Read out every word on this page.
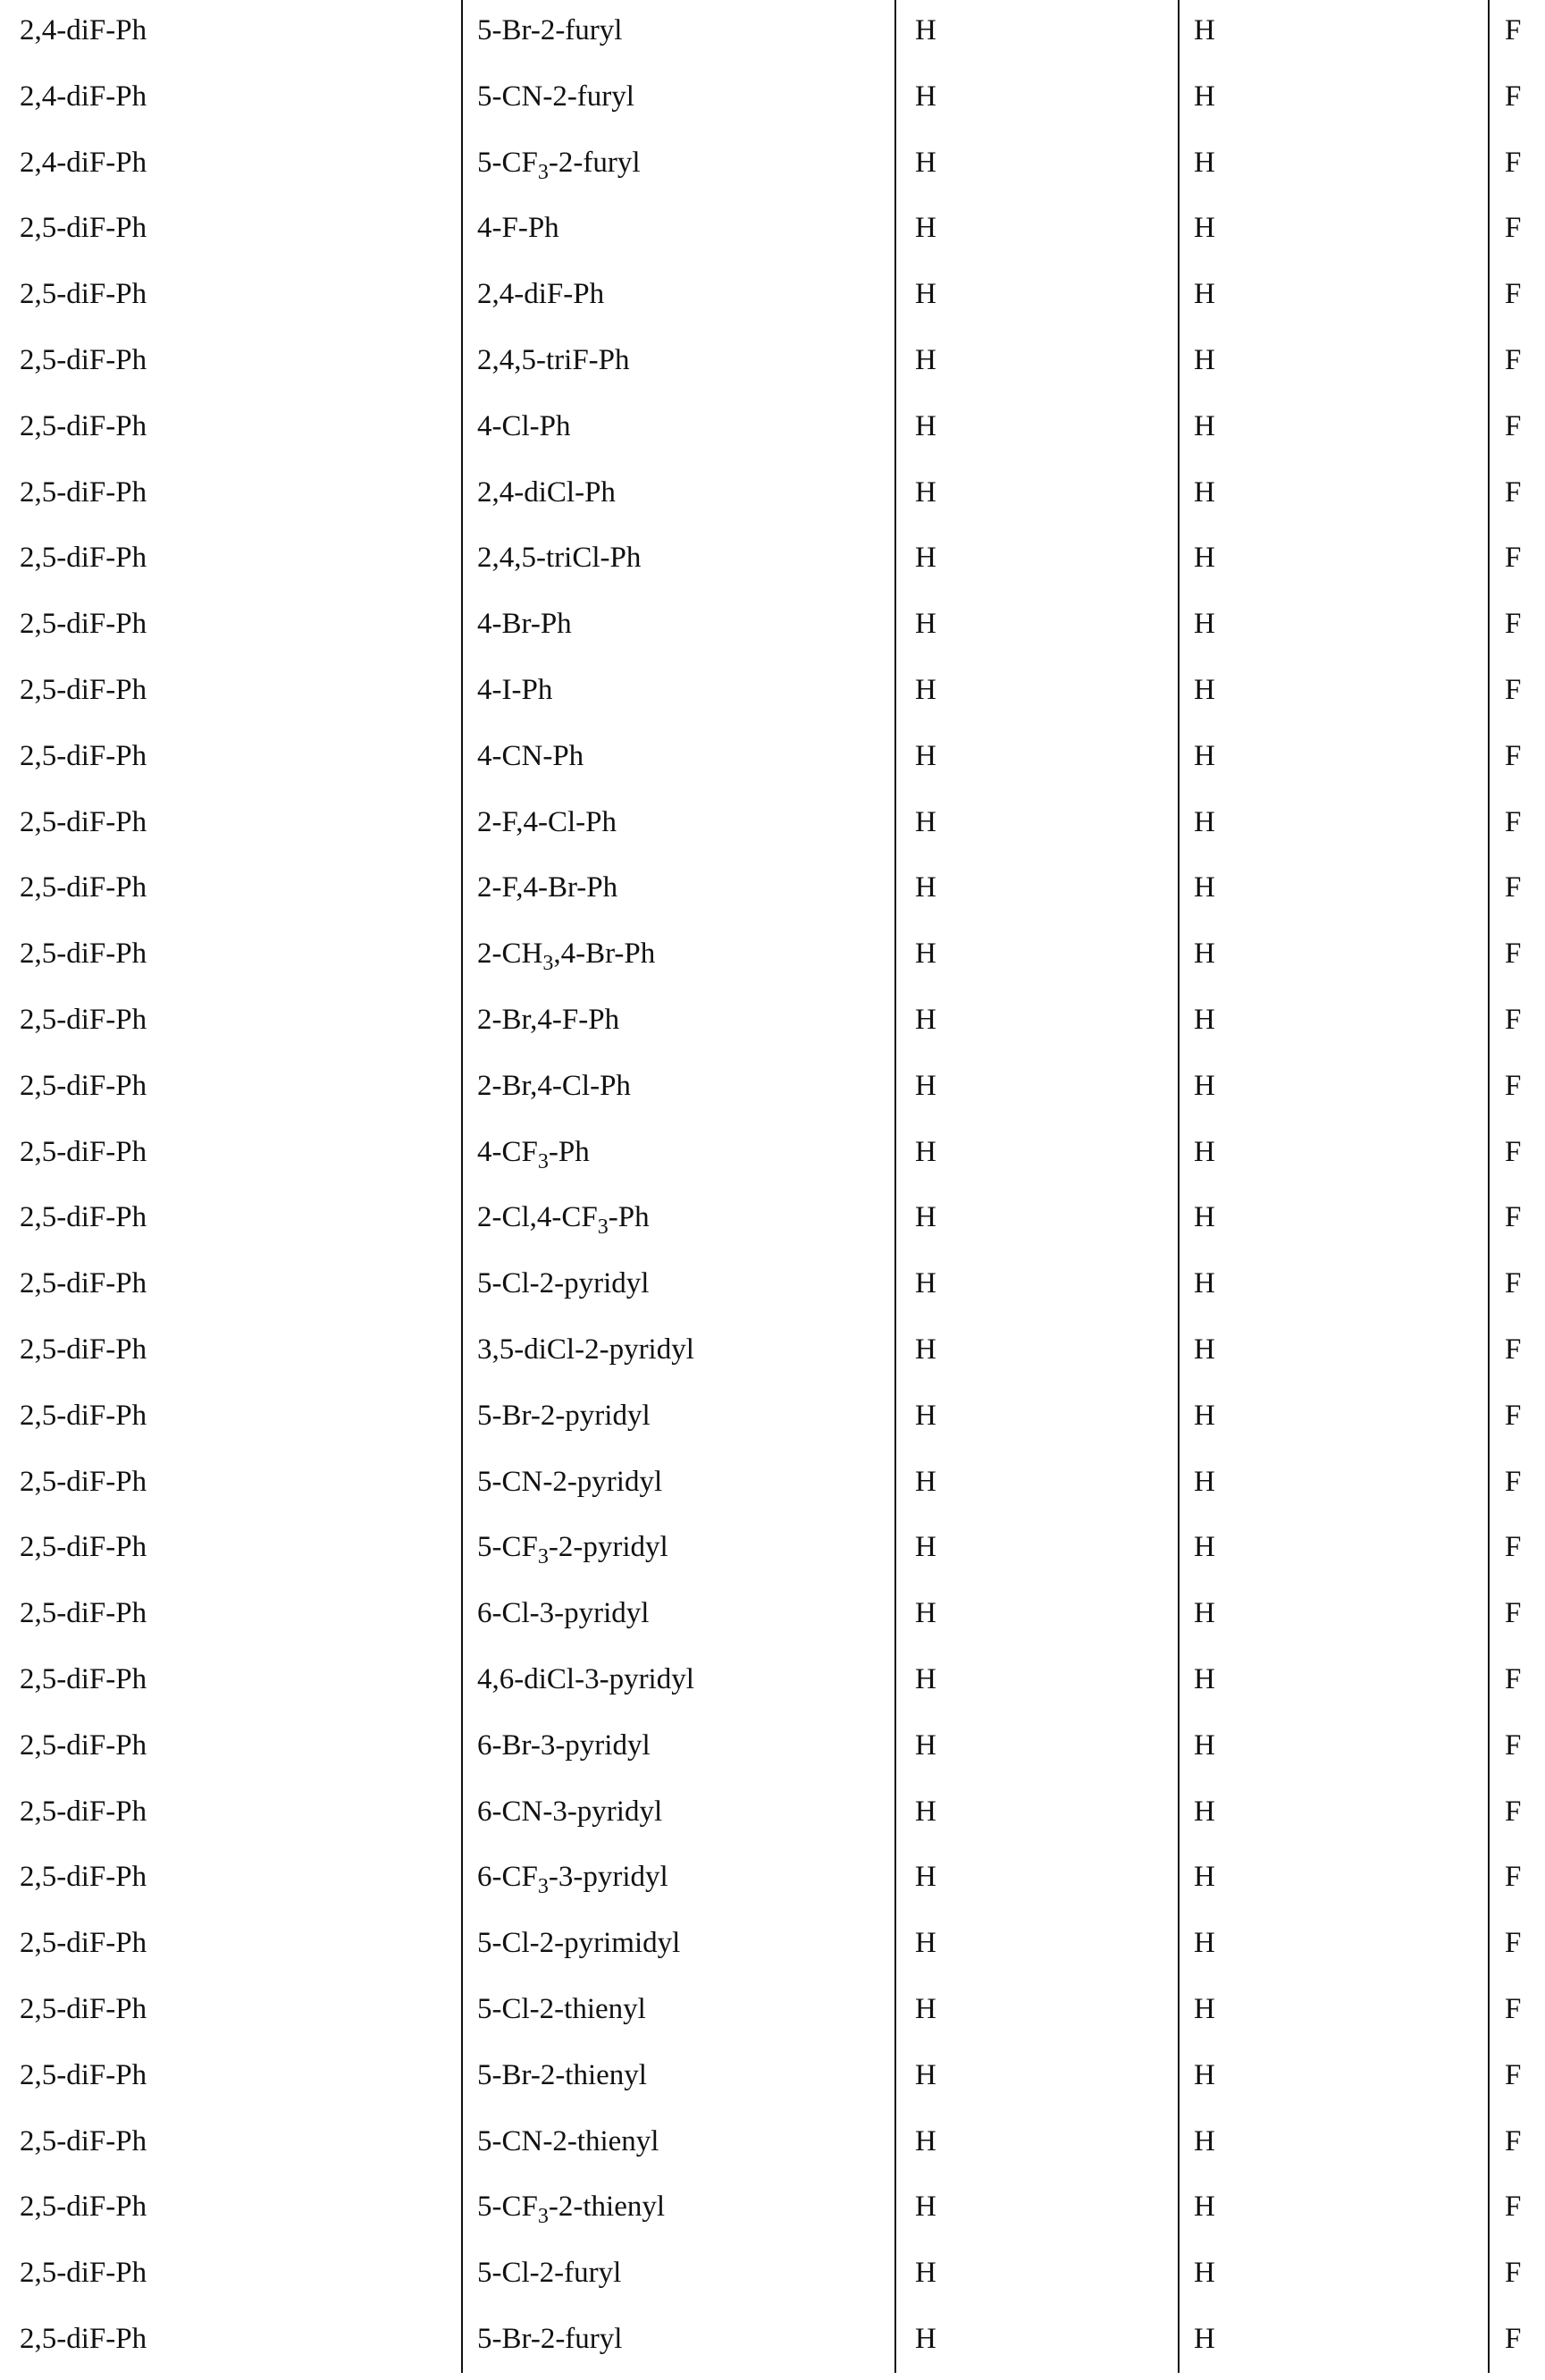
2,4-diF-Ph	5-Br-2-furyl	H	H	F
2,4-diF-Ph	5-CN-2-furyl	H	H	F
2,4-diF-Ph	$5-CF_3-2$-furyl	H	H	F
2,5-diF-Ph	4-F-Ph	H	H	F
2,5-diF-Ph	2,4-diF-Ph	H	H	F
2,5-diF-Ph	2,4,5-triF-Ph	H	H	F
2,5-diF-Ph	4-Cl-Ph	H	H	F
2,5-diF-Ph	2,4-diCl-Ph	H	H	F
2,5-diF-Ph	2,4,5-triCl-Ph	H	H	F
2,5-diF-Ph	4-Br-Ph	H	H	F
2,5-diF-Ph	4-I-Ph	H	H	F
2,5-diF-Ph	4-CN-Ph	H	H	F
2,5-diF-Ph	2-F,4-Cl-Ph	H	H	F
2,5-diF-Ph	2-F,4-Br-Ph	H	H	F
2,5-diF-Ph	$2-CH_3,4-Br-Ph$	H	H	F
2,5-diF-Ph	2-Br,4-F-Ph	H	H	F
2,5-diF-Ph	2-Br,4-Cl-Ph	H	H	F
2,5-diF-Ph	$4-CF_3-Ph$	H	H	F
2,5-diF-Ph	$2-Cl,4-CF_3-Ph$	H	H	F
2,5-diF-Ph	5-Cl-2-pyridyl	H	H	F
2,5-diF-Ph	3,5-diCl-2-pyridyl	H	H	F
2,5-diF-Ph	5-Br-2-pyridyl	H	H	F
2,5-diF-Ph	5-CN-2-pyridyl	H	H	F
2,5-diF-Ph	$5-CF_3-2$-pyridyl	H	H	F
2,5-diF-Ph	6-Cl-3-pyridyl	H	H	F
2,5-diF-Ph	4,6-diCl-3-pyridyl	H	H	F
2,5-diF-Ph	6-Br-3-pyridyl	H	H	F
2,5-diF-Ph	6-CN-3-pyridyl	H	H	F
2,5-diF-Ph	$6-CF_3-3$-pyridyl	H	H	F
2,5-diF-Ph	5-Cl-2-pyrimidyl	H	H	F
2,5-diF-Ph	5-Cl-2-thienyl	H	H	F
2,5-diF-Ph	5-Br-2-thienyl	H	H	F
2,5-diF-Ph	5-CN-2-thienyl	H	H	F
2,5-diF-Ph	$5-CF_3-2$-thienyl	H	H	F
2,5-diF-Ph	5-Cl-2-furyl	H	H	F
2,5-diF-Ph	5-Br-2-furyl	H	H	F
